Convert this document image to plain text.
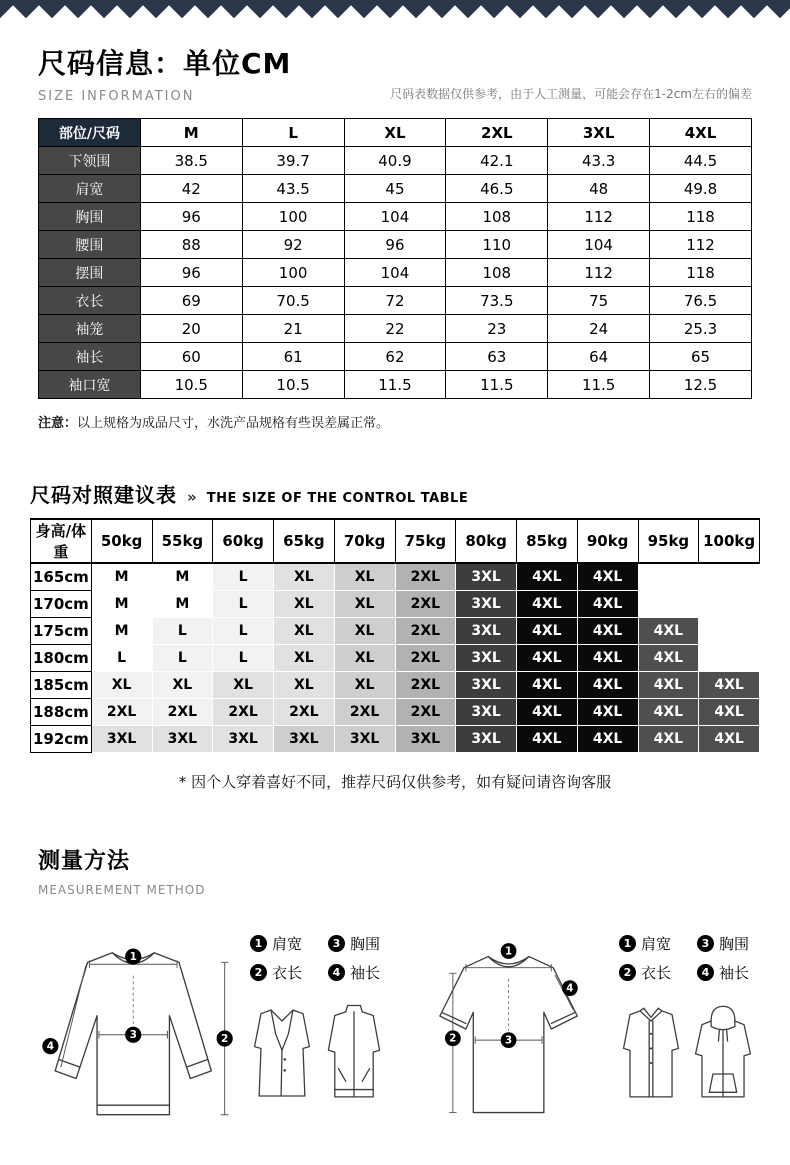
尺码信息：单位CM
SIZE INFORMATION	尺码表数据仅供参考，由于人工测量，可能会存在1-2cm左右的偏差
部位/尺码	M	L	XL	2XL	3XL	4XL
下领围	38.5	39.7	40.9	42.1	43.3	44.5
肩宽	42	43.5	45	46.5	48	49.8
胸围	96	100	104	108	112	118
腰围	88	92	96	110	104	112
摆围	96	100	104	108	112	118
衣长	69	70.5	72	73.5	75	76.5
袖笼	20	21	22	23	24	25.3
袖长	60	61	62	63	64	65
袖口宽	10.5	10.5	11.5	11.5	11.5	12.5
注意：以上规格为成品尺寸，水洗产品规格有些误差属正常。
尺码对照建议表 » THE SIZE OF THE CONTROL TABLE
身高/体重	50kg	55kg	60kg	65kg	70kg	75kg	80kg	85kg	90kg	95kg	100kg
165cm	M	M	L	XL	XL	2XL	3XL	4XL	4XL		
170cm	M	M	L	XL	XL	2XL	3XL	4XL	4XL		
175cm	M	L	L	XL	XL	2XL	3XL	4XL	4XL	4XL	
180cm	L	L	L	XL	XL	2XL	3XL	4XL	4XL	4XL	
185cm	XL	XL	XL	XL	XL	2XL	3XL	4XL	4XL	4XL	4XL
188cm	2XL	2XL	2XL	2XL	2XL	2XL	3XL	4XL	4XL	4XL	4XL
192cm	3XL	3XL	3XL	3XL	3XL	3XL	3XL	4XL	4XL	4XL	4XL
* 因个人穿着喜好不同，推荐尺码仅供参考，如有疑问请咨询客服
测量方法
MEASUREMENT METHOD
1
3	2
4
1 肩宽	3 胸围
2 衣长	4 袖长
1
3
2
4
1 肩宽	3 胸围
2 衣长	4 袖长
